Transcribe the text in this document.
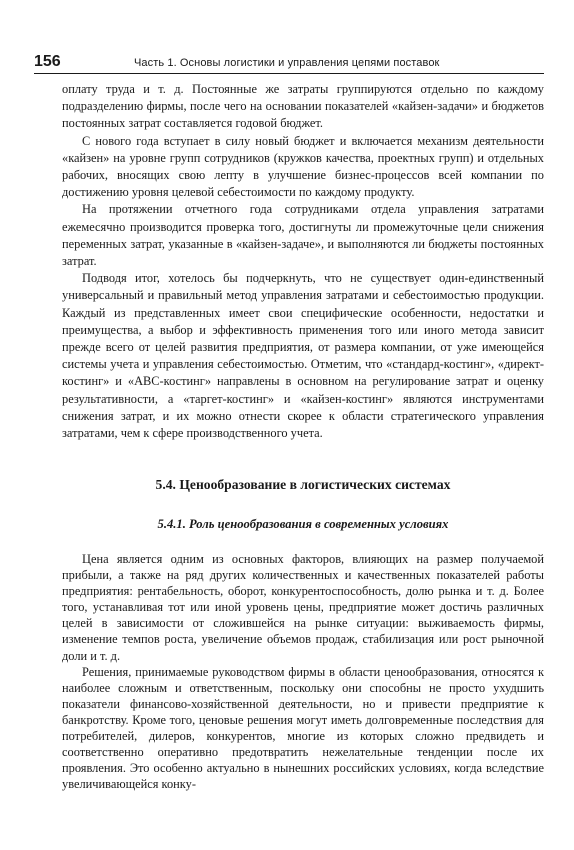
156	Часть 1. Основы логистики и управления цепями поставок

оплату труда и т. д. Постоянные же затраты группируются отдельно по каждому подразделению фирмы, после чего на основании показателей «кайзен-задачи» и бюджетов постоянных затрат составляется годовой бюджет.

С нового года вступает в силу новый бюджет и включается механизм деятельности «кайзен» на уровне групп сотрудников (кружков качества, проектных групп) и отдельных рабочих, вносящих свою лепту в улучшение бизнес-процессов всей компании по достижению уровня целевой себестоимости по каждому продукту.

На протяжении отчетного года сотрудниками отдела управления затратами ежемесячно производится проверка того, достигнуты ли промежуточные цели снижения переменных затрат, указанные в «кайзен-задаче», и выполняются ли бюджеты постоянных затрат.

Подводя итог, хотелось бы подчеркнуть, что не существует один-единственный универсальный и правильный метод управления затратами и себестоимостью продукции. Каждый из представленных имеет свои специфические особенности, недостатки и преимущества, а выбор и эффективность применения того или иного метода зависит прежде всего от целей развития предприятия, от размера компании, от уже имеющейся системы учета и управления себестоимостью. Отметим, что «стандард-костинг», «директ-костинг» и «АВС-костинг» направлены в основном на регулирование затрат и оценку результативности, а «таргет-костинг» и «кайзен-костинг» являются инструментами снижения затрат, и их можно отнести скорее к области стратегического управления затратами, чем к сфере производственного учета.

5.4. Ценообразование в логистических системах
5.4.1. Роль ценообразования в современных условиях

Цена является одним из основных факторов, влияющих на размер получаемой прибыли, а также на ряд других количественных и качественных показателей работы предприятия: рентабельность, оборот, конкурентоспособность, долю рынка и т. д. Более того, устанавливая тот или иной уровень цены, предприятие может достичь различных целей в зависимости от сложившейся на рынке ситуации: выживаемость фирмы, изменение темпов роста, увеличение объемов продаж, стабилизация или рост рыночной доли и т. д.

Решения, принимаемые руководством фирмы в области ценообразования, относятся к наиболее сложным и ответственным, поскольку они способны не просто ухудшить показатели финансово-хозяйственной деятельности, но и привести предприятие к банкротству. Кроме того, ценовые решения могут иметь долговременные последствия для потребителей, дилеров, конкурентов, многие из которых сложно предвидеть и соответственно оперативно предотвратить нежелательные тенденции после их проявления. Это особенно актуально в нынешних российских условиях, когда вследствие увеличивающейся конку-
